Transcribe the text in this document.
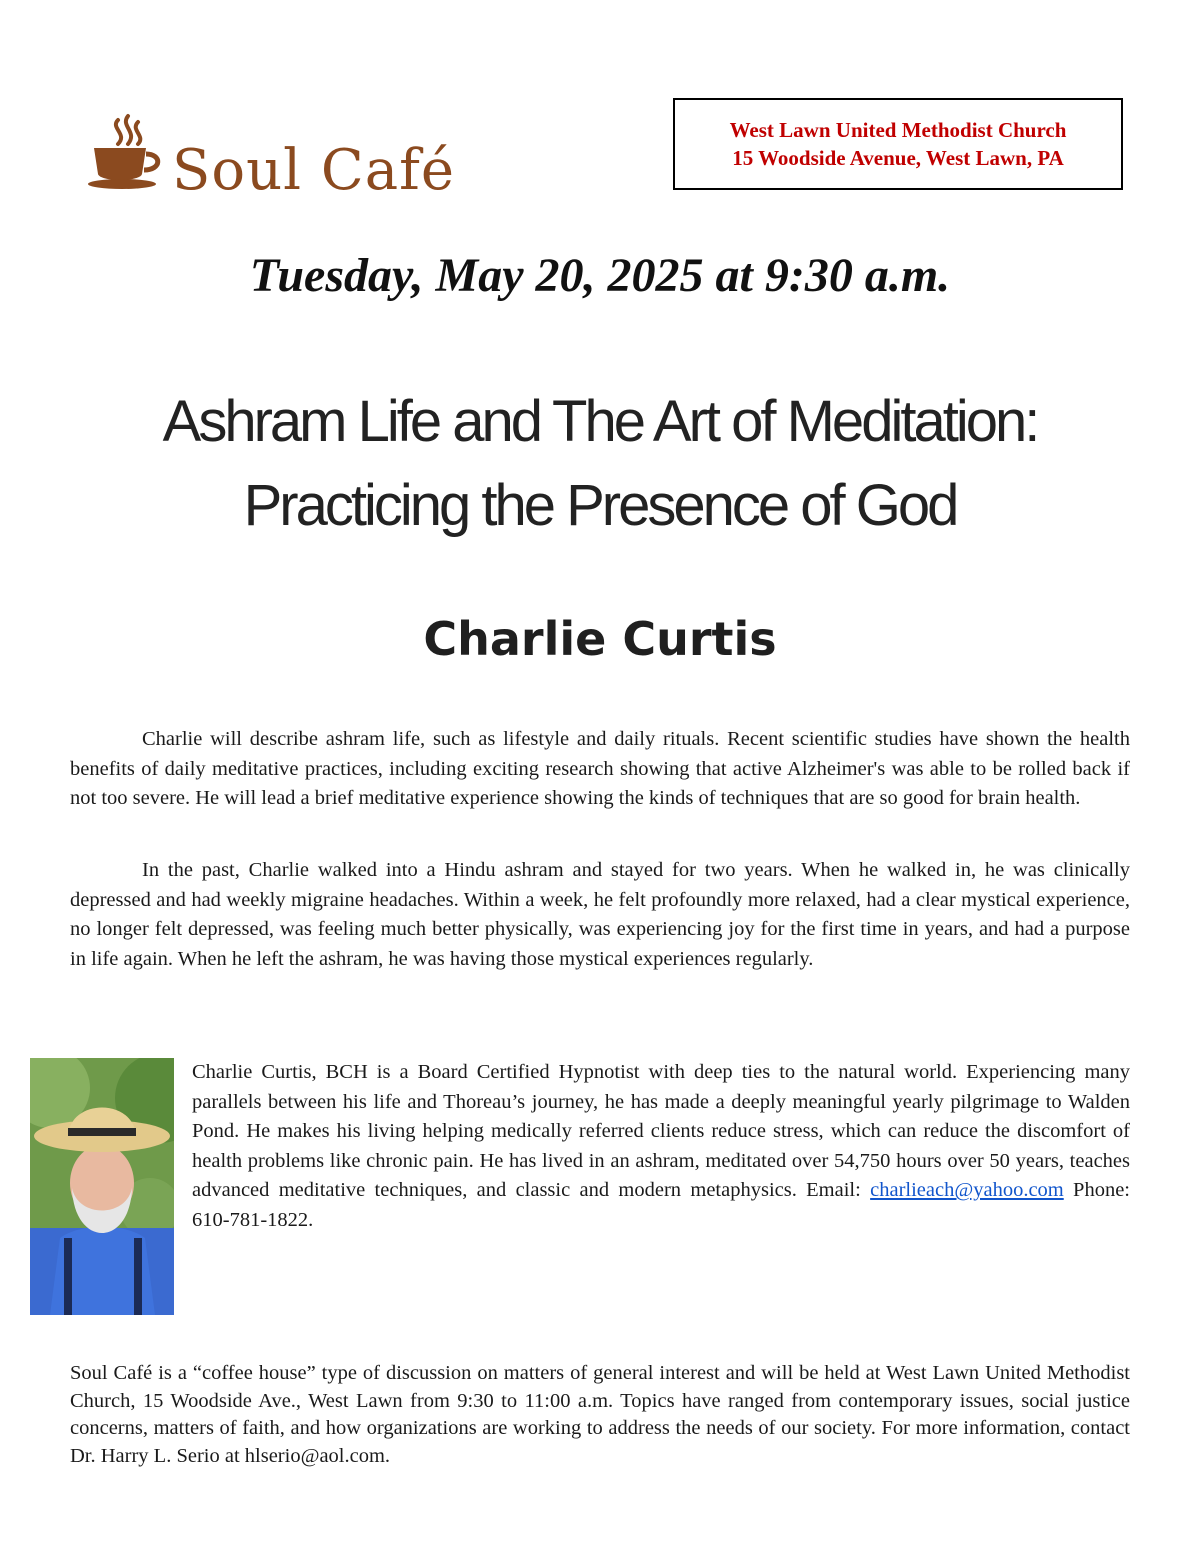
Soul Café
West Lawn United Methodist Church
15 Woodside Avenue, West Lawn, PA
Tuesday, May 20, 2025 at 9:30 a.m.
Ashram Life and The Art of Meditation:
Practicing the Presence of God
Charlie Curtis

Charlie will describe ashram life, such as lifestyle and daily rituals. Recent scientific studies have shown the health benefits of daily meditative practices, including exciting research showing that active Alzheimer's was able to be rolled back if not too severe. He will lead a brief meditative experience showing the kinds of techniques that are so good for brain health.

In the past, Charlie walked into a Hindu ashram and stayed for two years. When he walked in, he was clinically depressed and had weekly migraine headaches. Within a week, he felt profoundly more relaxed, had a clear mystical experience, no longer felt depressed, was feeling much better physically, was experiencing joy for the first time in years, and had a purpose in life again. When he left the ashram, he was having those mystical experiences regularly.

Charlie Curtis, BCH is a Board Certified Hypnotist with deep ties to the natural world. Experiencing many parallels between his life and Thoreau’s journey, he has made a deeply meaningful yearly pilgrimage to Walden Pond. He makes his living helping medically referred clients reduce stress, which can reduce the discomfort of health problems like chronic pain. He has lived in an ashram, meditated over 54,750 hours over 50 years, teaches advanced meditative techniques, and classic and modern metaphysics. Email: charlieach@yahoo.com Phone: 610-781-1822.

Soul Café is a “coffee house” type of discussion on matters of general interest and will be held at West Lawn United Methodist Church, 15 Woodside Ave., West Lawn from 9:30 to 11:00 a.m. Topics have ranged from contemporary issues, social justice concerns, matters of faith, and how organizations are working to address the needs of our society. For more information, contact Dr. Harry L. Serio at hlserio@aol.com.
